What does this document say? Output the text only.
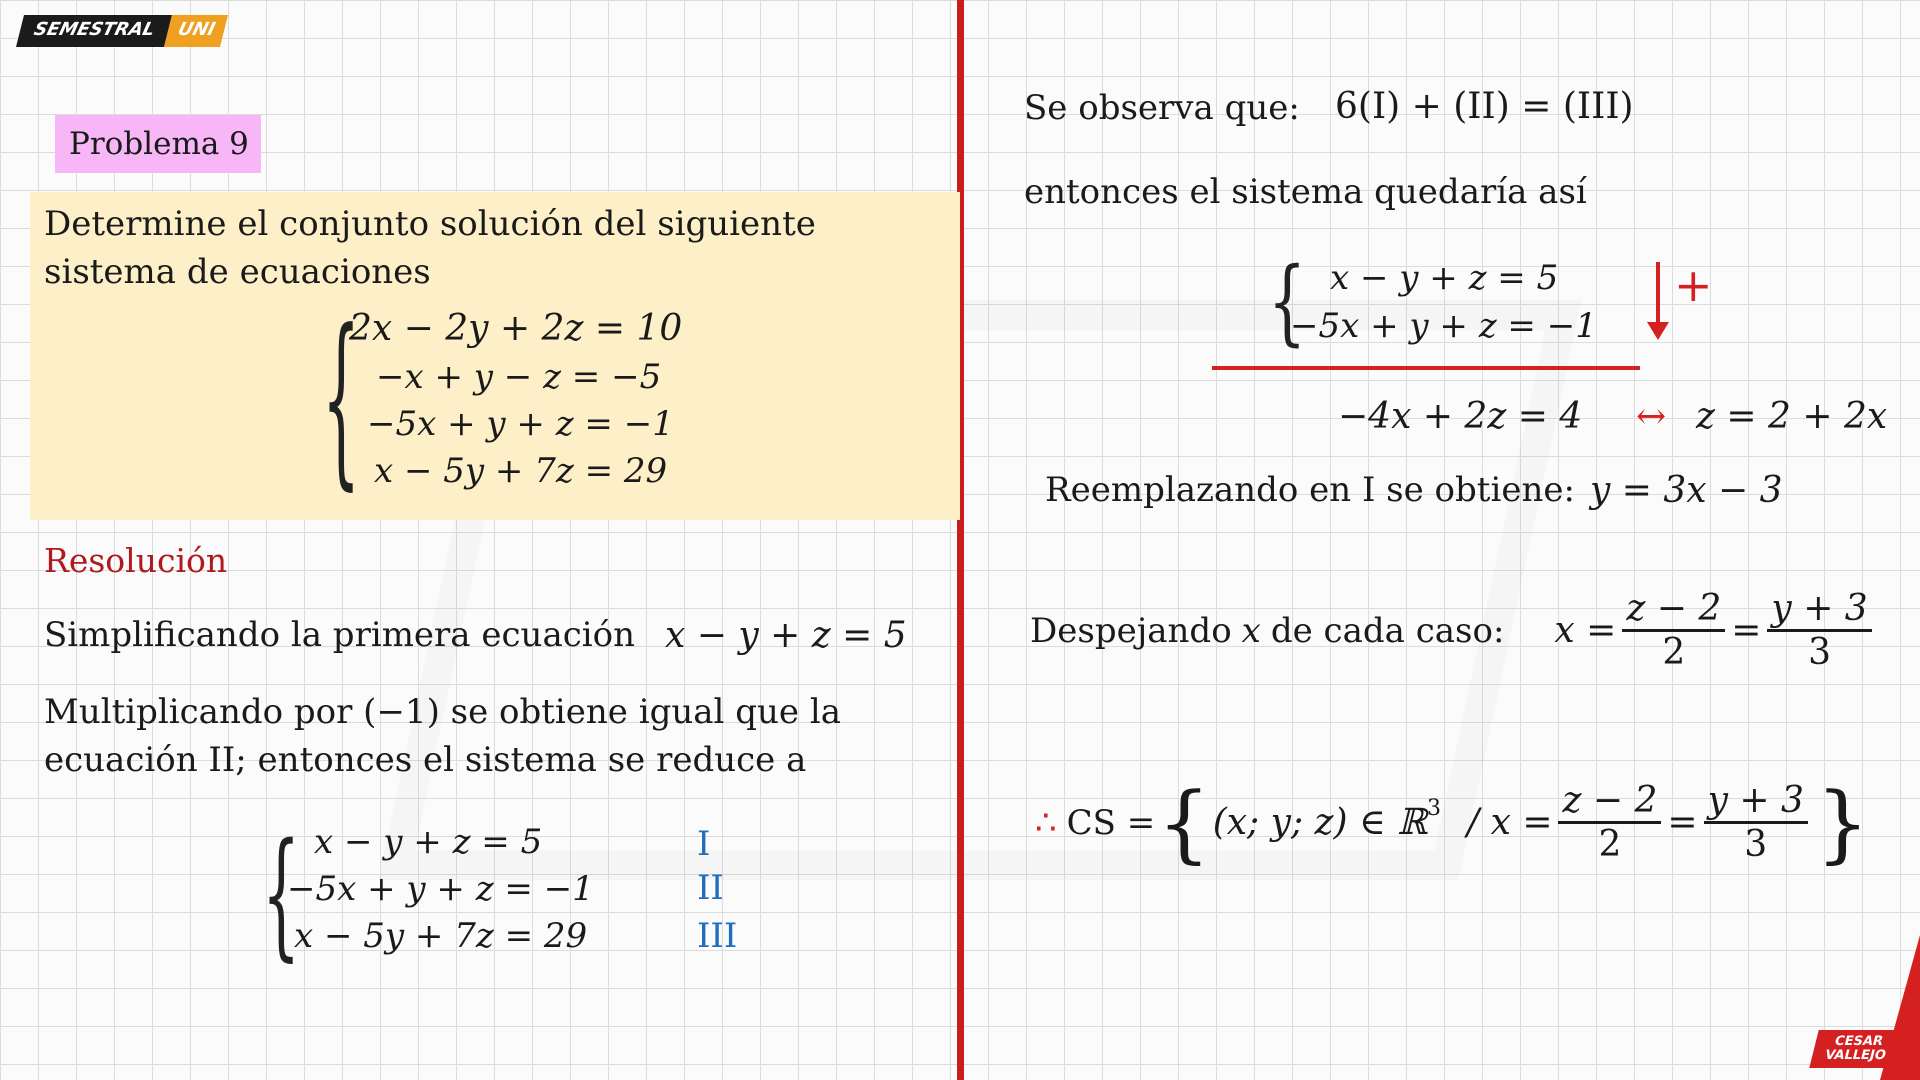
SEMESTRAL	UNI
Problema 9
Determine el conjunto solución del siguiente sistema de ecuaciones
{
2x − 2y + 2z = 10
−x + y − z = −5
−5x + y + z = −1
x − 5y + 7z = 29
Resolución
Simplificando la primera ecuación x − y + z = 5
Multiplicando por (−1) se obtiene igual que la
ecuación II; entonces el sistema se reduce a
{ x − y + z = 5
−5x + y + z = −1
x − 5y + 7z = 29
I
II
III
Se observa que: 6(I) + (II) = (III)
entonces el sistema quedaría así
{ x − y + z = 5
−5x + y + z = −1
+
−4x + 2z = 4 ↔ z = 2 + 2x
Reemplazando en I se obtiene: y = 3x − 3
Despejando x de cada caso: $x = \frac{z - 2}{2} = \frac{y + 3}{3}$
∴ CS = { (x; y; z) ∈ ℝ$^3$ / $x = \frac{z - 2}{2} = \frac{y + 3}{3}$ }
CESAR
VALLEJO
